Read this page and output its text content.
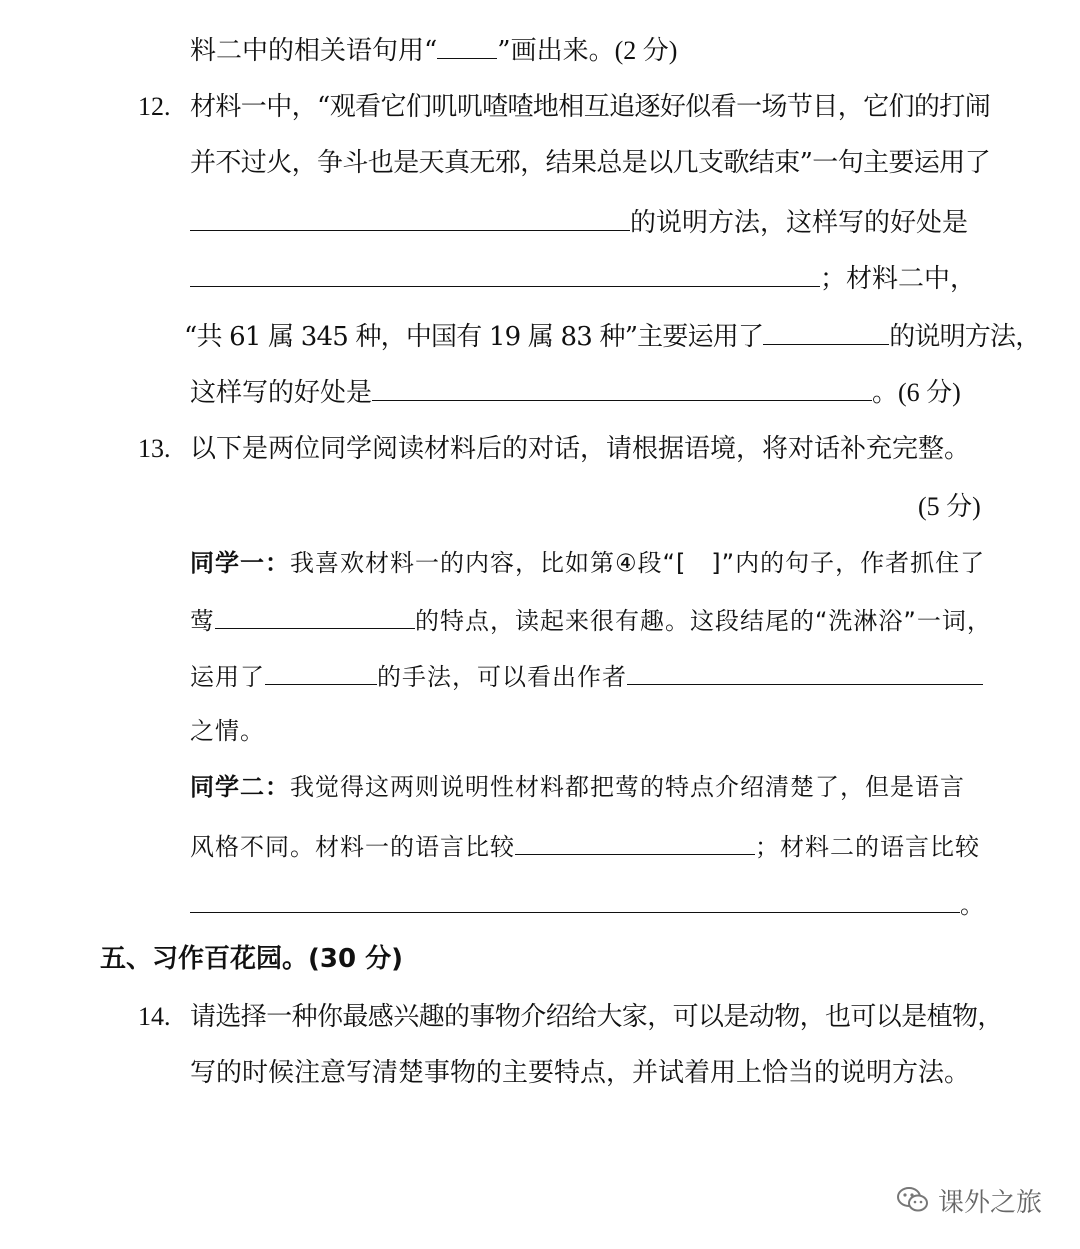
料二中的相关语句用“ ”画出来。(2 分)
12. 材料一中，“观看它们叽叽喳喳地相互追逐好似看一场节目，它们的打闹
并不过火，争斗也是天真无邪，结果总是以几支歌结束”一句主要运用了
的说明方法，这样写的好处是
；材料二中，
“共 61 属 345 种，中国有 19 属 83 种”主要运用了	的说明方法，
这样写的好处是	。(6 分)
13. 以下是两位同学阅读材料后的对话，请根据语境，将对话补充完整。
(5 分)
同学一：我喜欢材料一的内容，比如第④段“[　]”内的句子，作者抓住了
莺	的特点，读起来很有趣。这段结尾的“洗淋浴”一词，
运用了	的手法，可以看出作者
之情。
同学二：我觉得这两则说明性材料都把莺的特点介绍清楚了，但是语言
风格不同。材料一的语言比较	；材料二的语言比较
。
五、习作百花园。(30 分)
14. 请选择一种你最感兴趣的事物介绍给大家，可以是动物，也可以是植物，
写的时候注意写清楚事物的主要特点，并试着用上恰当的说明方法。
课外之旅
